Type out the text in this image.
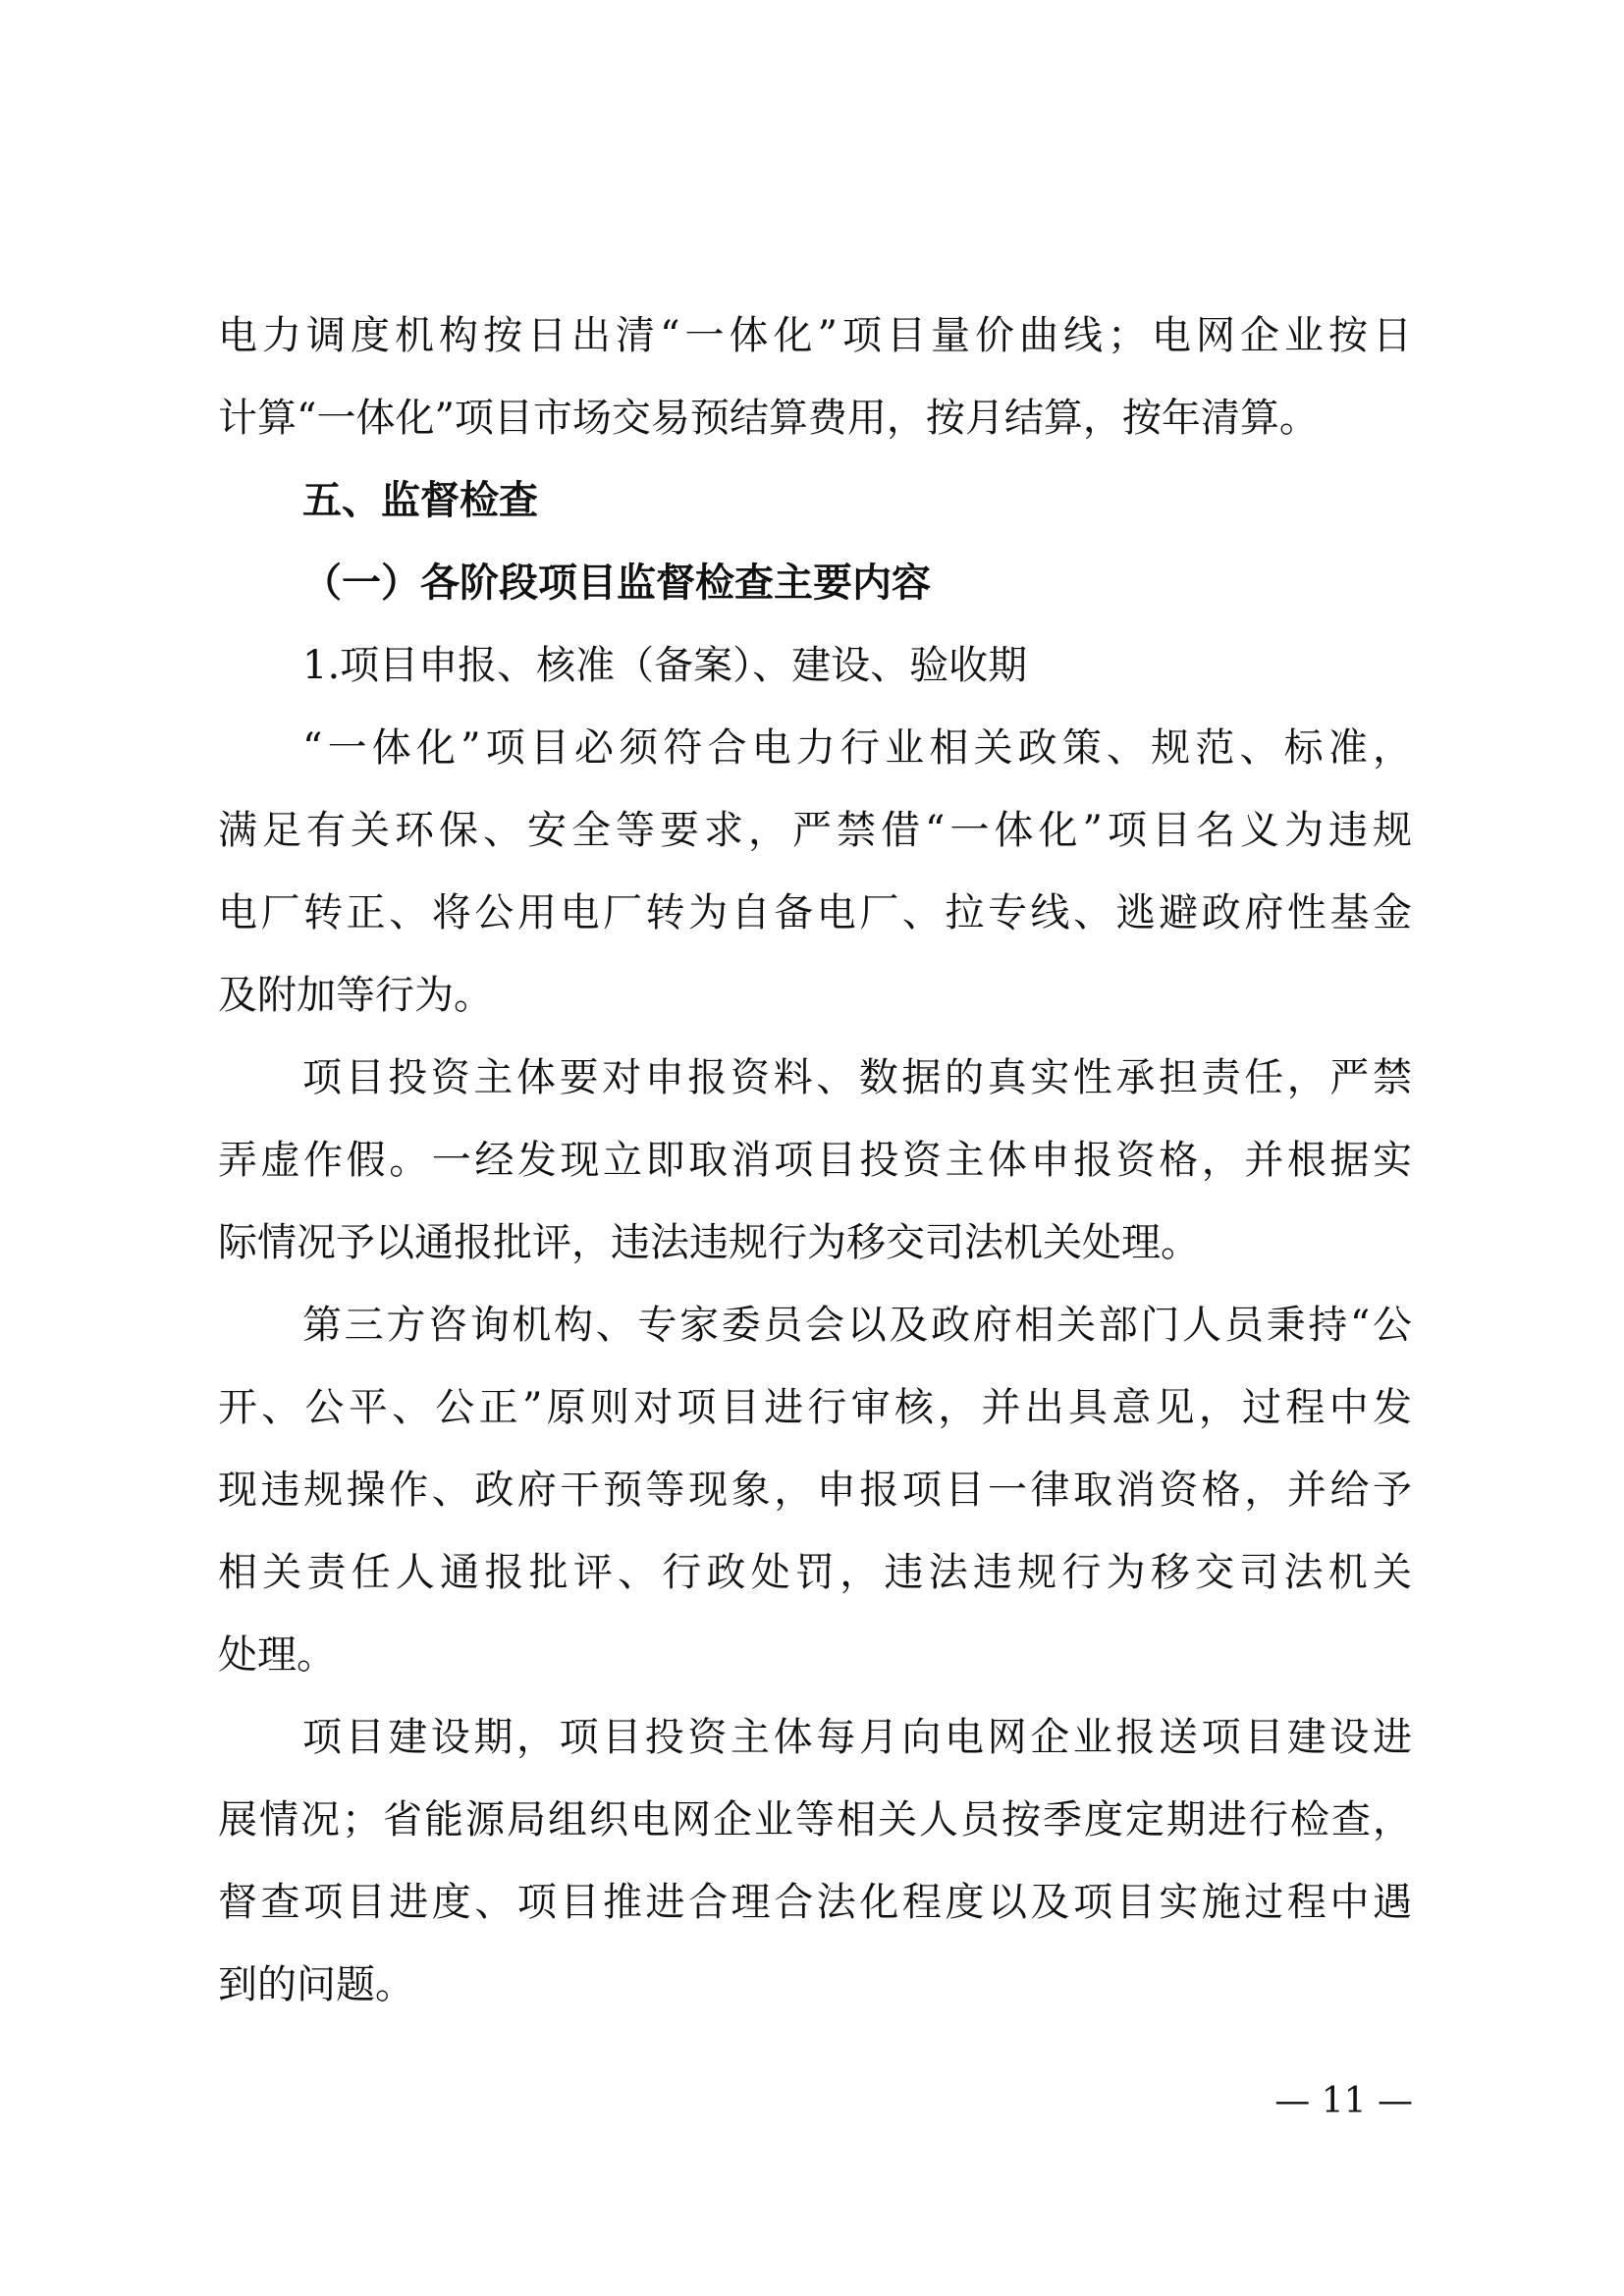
电力调度机构按日出清“一体化”项目量价曲线；电网企业按日
计算“一体化”项目市场交易预结算费用，按月结算，按年清算。
五、监督检查
（一）各阶段项目监督检查主要内容
1.项目申报、核准（备案）、建设、验收期
“一体化”项目必须符合电力行业相关政策、规范、标准，
满足有关环保、安全等要求，严禁借“一体化”项目名义为违规
电厂转正、将公用电厂转为自备电厂、拉专线、逃避政府性基金
及附加等行为。
项目投资主体要对申报资料、数据的真实性承担责任，严禁
弄虚作假。一经发现立即取消项目投资主体申报资格，并根据实
际情况予以通报批评，违法违规行为移交司法机关处理。
第三方咨询机构、专家委员会以及政府相关部门人员秉持“公
开、公平、公正”原则对项目进行审核，并出具意见，过程中发
现违规操作、政府干预等现象，申报项目一律取消资格，并给予
相关责任人通报批评、行政处罚，违法违规行为移交司法机关
处理。
项目建设期，项目投资主体每月向电网企业报送项目建设进
展情况；省能源局组织电网企业等相关人员按季度定期进行检查，
督查项目进度、项目推进合理合法化程度以及项目实施过程中遇
到的问题。
— 11 —
